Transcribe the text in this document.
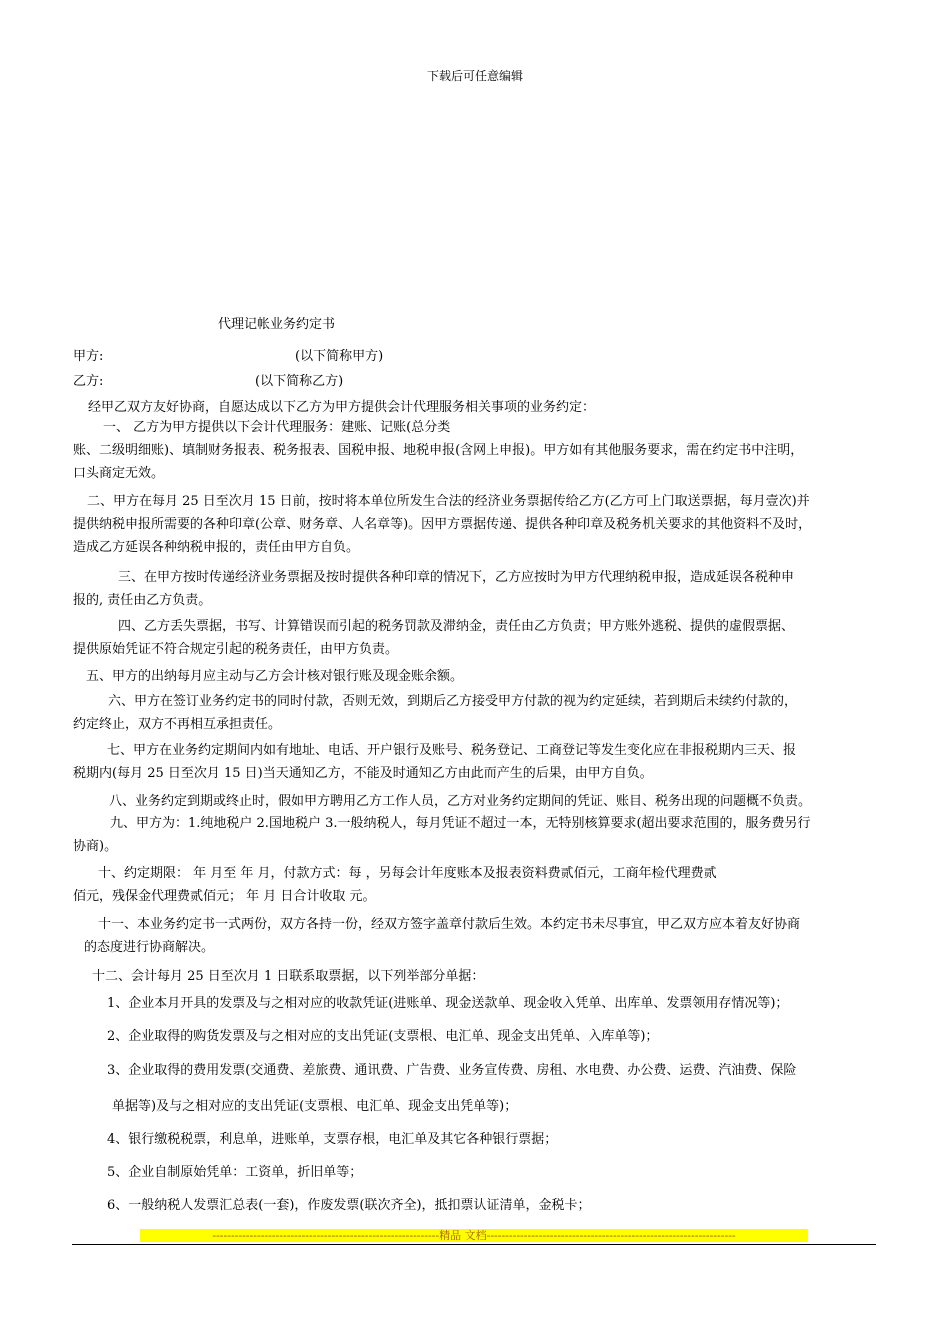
下载后可任意编辑
代理记帐业务约定书
甲方:	(以下简称甲方)
乙方:	(以下简称乙方)
经甲乙双方友好协商，自愿达成以下乙方为甲方提供会计代理服务相关事项的业务约定：
一、 乙方为甲方提供以下会计代理服务：建账、记账(总分类
账、二级明细账)、填制财务报表、税务报表、国税申报、地税申报(含网上申报)。甲方如有其他服务要求，需在约定书中注明，
口头商定无效。
二、甲方在每月 25 日至次月 15 日前，按时将本单位所发生合法的经济业务票据传给乙方(乙方可上门取送票据，每月壹次)并
提供纳税申报所需要的各种印章(公章、财务章、人名章等)。因甲方票据传递、提供各种印章及税务机关要求的其他资料不及时，
造成乙方延误各种纳税申报的，责任由甲方自负。
三、在甲方按时传递经济业务票据及按时提供各种印章的情况下，乙方应按时为甲方代理纳税申报，造成延误各税种申
报的, 责任由乙方负责。
四、乙方丢失票据，书写、计算错误而引起的税务罚款及滞纳金，责任由乙方负责；甲方账外逃税、提供的虚假票据、
提供原始凭证不符合规定引起的税务责任，由甲方负责。
五、甲方的出纳每月应主动与乙方会计核对银行账及现金账余额。
六、甲方在签订业务约定书的同时付款，否则无效，到期后乙方接受甲方付款的视为约定延续，若到期后未续约付款的，
约定终止，双方不再相互承担责任。
七、甲方在业务约定期间内如有地址、电话、开户银行及账号、税务登记、工商登记等发生变化应在非报税期内三天、报
税期内(每月 25 日至次月 15 日)当天通知乙方，不能及时通知乙方由此而产生的后果，由甲方自负。
八、业务约定到期或终止时，假如甲方聘用乙方工作人员，乙方对业务约定期间的凭证、账目、税务出现的问题概不负责。
九、甲方为：1.纯地税户 2.国地税户 3.一般纳税人，每月凭证不超过一本，无特别核算要求(超出要求范围的，服务费另行
协商)。
十、约定期限： 年 月至 年 月，付款方式：每 ，另每会计年度账本及报表资料费贰佰元，工商年检代理费贰
佰元，残保金代理费贰佰元； 年 月 日合计收取 元。
十一、本业务约定书一式两份，双方各持一份，经双方签字盖章付款后生效。本约定书未尽事宜，甲乙双方应本着友好协商
的态度进行协商解决。
十二、会计每月 25 日至次月 1 日联系取票据，以下列举部分单据：
1、企业本月开具的发票及与之相对应的收款凭证(进账单、现金送款单、现金收入凭单、出库单、发票领用存情况等)；
2、企业取得的购货发票及与之相对应的支出凭证(支票根、电汇单、现金支出凭单、入库单等)；
3、企业取得的费用发票(交通费、差旅费、通讯费、广告费、业务宣传费、房租、水电费、办公费、运费、汽油费、保险
单据等)及与之相对应的支出凭证(支票根、电汇单、现金支出凭单等)；
4、银行缴税税票，利息单，进账单，支票存根，电汇单及其它各种银行票据；
5、企业自制原始凭单：工资单，折旧单等；
6、一般纳税人发票汇总表(一套)，作废发票(联次齐全)，抵扣票认证清单，金税卡；
-------------------------------------------------------------精品 文档-------------------------------------------------------------------
